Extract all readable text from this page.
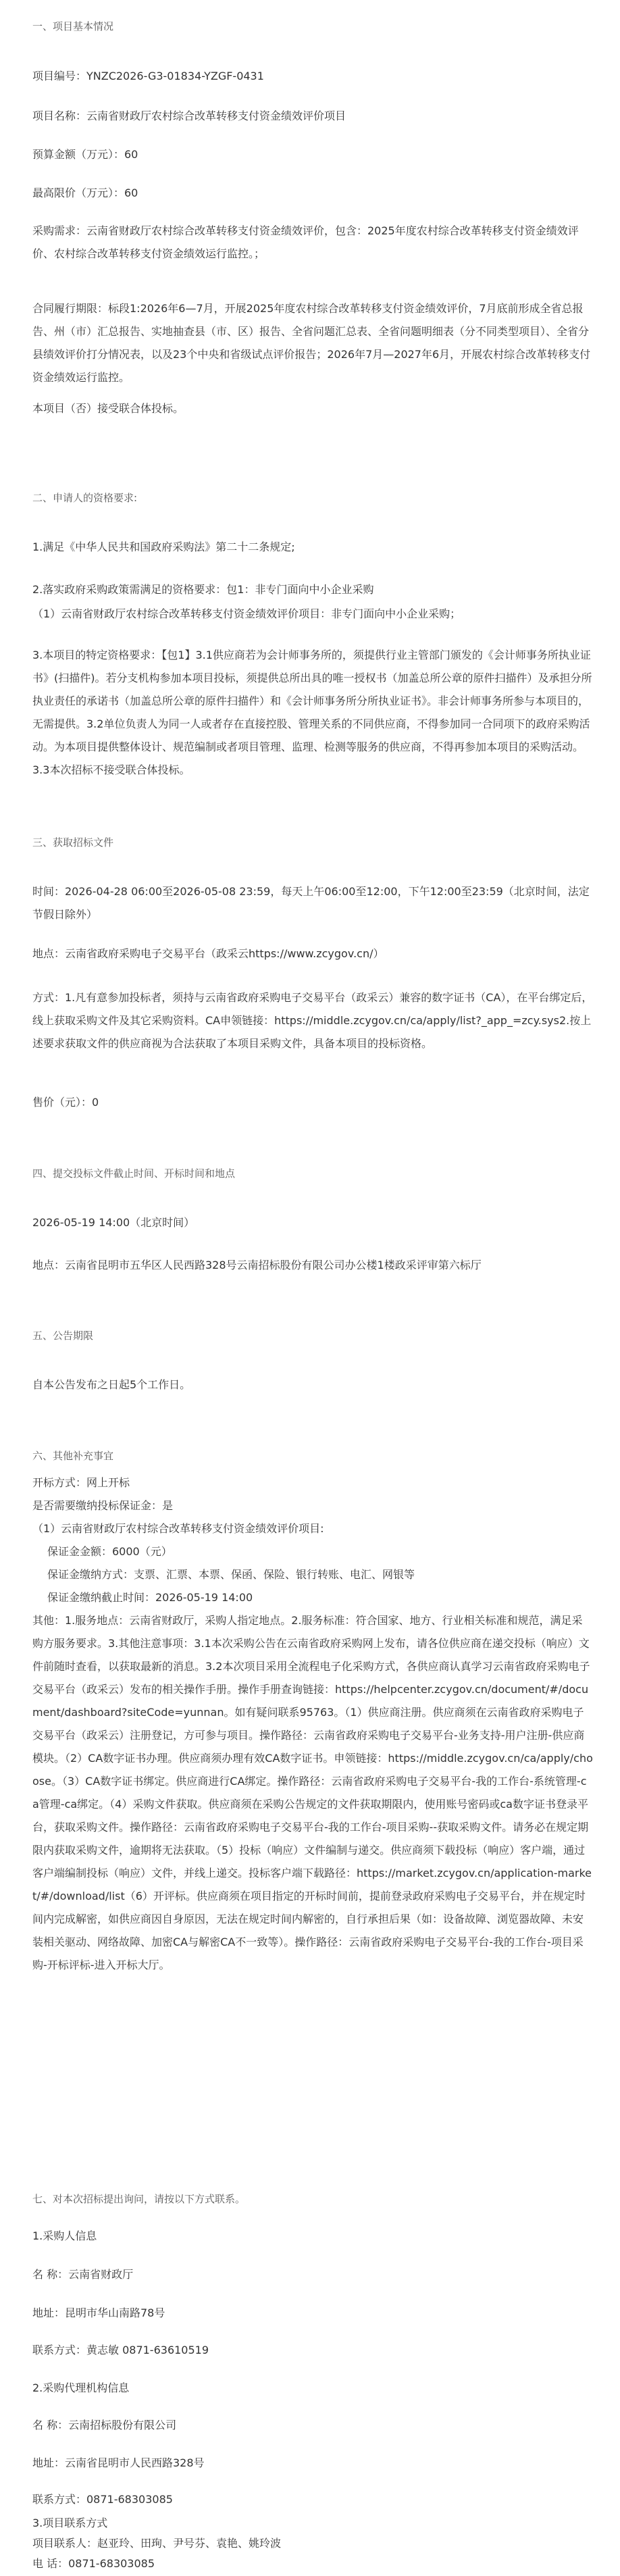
一、项目基本情况

项目编号：YNZC2026-G3-01834-YZGF-0431

项目名称：云南省财政厅农村综合改革转移支付资金绩效评价项目

预算金额（万元）：60

最高限价（万元）：60

采购需求：云南省财政厅农村综合改革转移支付资金绩效评价，包含：2025年度农村综合改革转移支付资金绩效评价、农村综合改革转移支付资金绩效运行监控。；

合同履行期限：标段1:2026年6—7月，开展2025年度农村综合改革转移支付资金绩效评价，7月底前形成全省总报告、州（市）汇总报告、实地抽查县（市、区）报告、全省问题汇总表、全省问题明细表（分不同类型项目）、全省分县绩效评价打分情况表，以及23个中央和省级试点评价报告；2026年7月—2027年6月，开展农村综合改革转移支付资金绩效运行监控。

本项目（否）接受联合体投标。

二、申请人的资格要求:

1.满足《中华人民共和国政府采购法》第二十二条规定;

2.落实政府采购政策需满足的资格要求：包1：非专门面向中小企业采购

（1）云南省财政厅农村综合改革转移支付资金绩效评价项目：非专门面向中小企业采购；

3.本项目的特定资格要求：【包1】3.1供应商若为会计师事务所的，须提供行业主管部门颁发的《会计师事务所执业证书》(扫描件)。若分支机构参加本项目投标，须提供总所出具的唯一授权书（加盖总所公章的原件扫描件）及承担分所执业责任的承诺书（加盖总所公章的原件扫描件）和《会计师事务所分所执业证书》。非会计师事务所参与本项目的，无需提供。3.2单位负责人为同一人或者存在直接控股、管理关系的不同供应商，不得参加同一合同项下的政府采购活动。为本项目提供整体设计、规范编制或者项目管理、监理、检测等服务的供应商，不得再参加本项目的采购活动。3.3本次招标不接受联合体投标。

三、获取招标文件

时间：2026-04-28 06:00至2026-05-08 23:59，每天上午06:00至12:00，下午12:00至23:59（北京时间，法定节假日除外）

地点：云南省政府采购电子交易平台（政采云https://www.zcygov.cn/）

方式：1.凡有意参加投标者，须持与云南省政府采购电子交易平台（政采云）兼容的数字证书（CA），在平台绑定后，线上获取采购文件及其它采购资料。CA申领链接：https://middle.zcygov.cn/ca/apply/list?_app_=zcy.sys2.按上述要求获取文件的供应商视为合法获取了本项目采购文件，具备本项目的投标资格。

售价（元）：0

四、提交投标文件截止时间、开标时间和地点

2026-05-19 14:00（北京时间）

地点：云南省昆明市五华区人民西路328号云南招标股份有限公司办公楼1楼政采评审第六标厅

五、公告期限

自本公告发布之日起5个工作日。

六、其他补充事宜

开标方式：网上开标

是否需要缴纳投标保证金：是

（1）云南省财政厅农村综合改革转移支付资金绩效评价项目:

保证金金额：6000（元）

保证金缴纳方式：支票、汇票、本票、保函、保险、银行转账、电汇、网银等

保证金缴纳截止时间：2026-05-19 14:00

其他：1.服务地点：云南省财政厅，采购人指定地点。2.服务标准：符合国家、地方、行业相关标准和规范，满足采购方服务要求。3.其他注意事项：3.1本次采购公告在云南省政府采购网上发布，请各位供应商在递交投标（响应）文件前随时查看，以获取最新的消息。3.2本次项目采用全流程电子化采购方式，各供应商认真学习云南省政府采购电子交易平台（政采云）发布的相关操作手册。操作手册查询链接：https://helpcenter.zcygov.cn/document/#/document/dashboard?siteCode=yunnan。如有疑问联系95763。（1）供应商注册。供应商须在云南省政府采购电子交易平台（政采云）注册登记，方可参与项目。操作路径：云南省政府采购电子交易平台-业务支持-用户注册-供应商模块。（2）CA数字证书办理。供应商须办理有效CA数字证书。申领链接：https://middle.zcygov.cn/ca/apply/choose。（3）CA数字证书绑定。供应商进行CA绑定。操作路径：云南省政府采购电子交易平台-我的工作台-系统管理-ca管理-ca绑定。（4）采购文件获取。供应商须在采购公告规定的文件获取期限内，使用账号密码或ca数字证书登录平台，获取采购文件。操作路径：云南省政府采购电子交易平台-我的工作台-项目采购--获取采购文件。请务必在规定期限内获取采购文件，逾期将无法获取。（5）投标（响应）文件编制与递交。供应商须下载投标（响应）客户端，通过客户端编制投标（响应）文件，并线上递交。投标客户端下载路径：https://market.zcygov.cn/application-market/#/download/list（6）开评标。供应商须在项目指定的开标时间前，提前登录政府采购电子交易平台，并在规定时间内完成解密，如供应商因自身原因，无法在规定时间内解密的，自行承担后果（如：设备故障、浏览器故障、未安装相关驱动、网络故障、加密CA与解密CA不一致等）。操作路径：云南省政府采购电子交易平台-我的工作台-项目采购-开标评标-进入开标大厅。

七、对本次招标提出询问，请按以下方式联系。

1.采购人信息

名 称：云南省财政厅

地址：昆明市华山南路78号

联系方式：黄志敏 0871-63610519

2.采购代理机构信息

名 称：云南招标股份有限公司

地址：云南省昆明市人民西路328号

联系方式：0871-68303085

3.项目联系方式

项目联系人：赵亚玲、田珣、尹号芬、袁艳、姚玲波

电 话：0871-68303085
